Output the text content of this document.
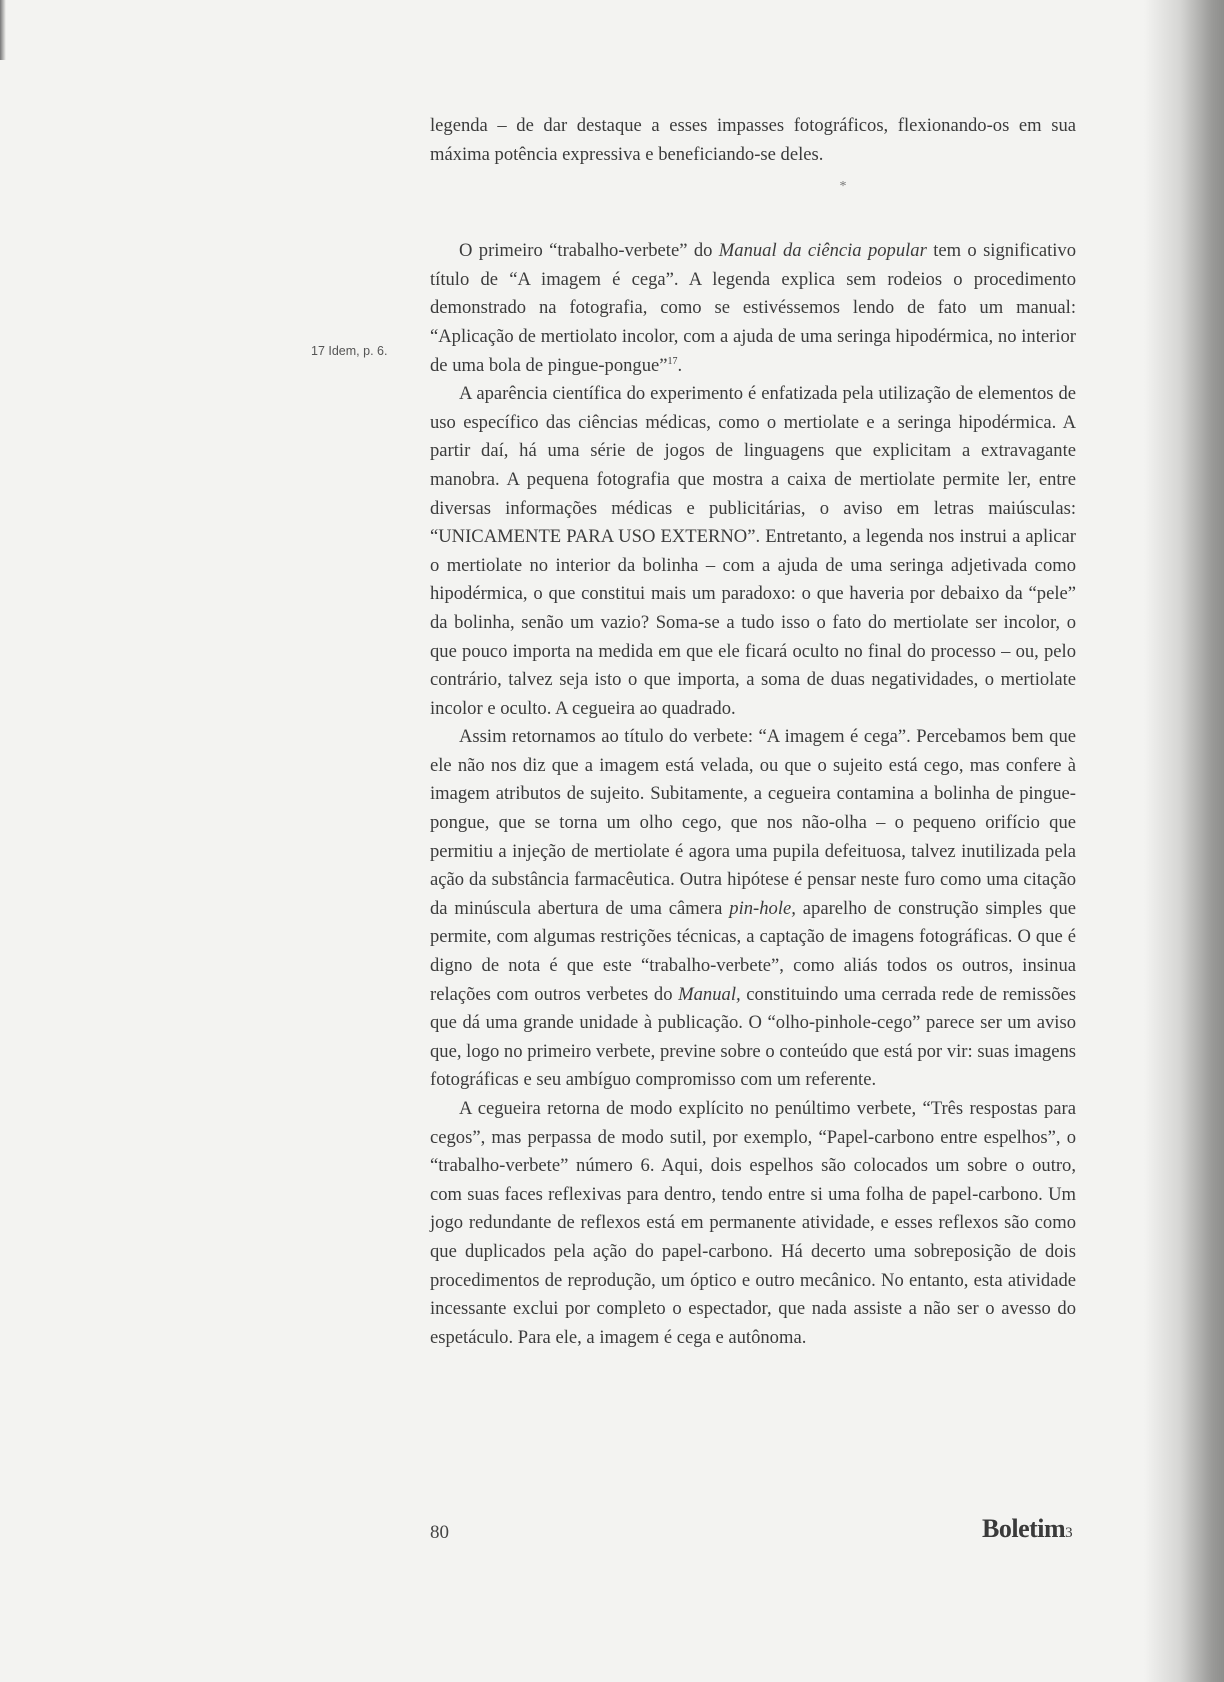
17 Idem, p. 6.

legenda – de dar destaque a esses impasses fotográficos, flexionando-os em sua máxima potência expressiva e beneficiando-se deles.

*

O primeiro “trabalho-verbete” do Manual da ciência popular tem o significativo título de “A imagem é cega”. A legenda explica sem rodeios o procedimento demonstrado na fotografia, como se estivéssemos lendo de fato um manual: “Aplicação de mertiolato incolor, com a ajuda de uma seringa hipodérmica, no interior de uma bola de pingue-pongue”$^{17}$.

A aparência científica do experimento é enfatizada pela utilização de elementos de uso específico das ciências médicas, como o mertiolate e a seringa hipodérmica. A partir daí, há uma série de jogos de linguagens que explicitam a extravagante manobra. A pequena fotografia que mostra a caixa de mertiolate permite ler, entre diversas informações médicas e publicitárias, o aviso em letras maiúsculas: “UNICAMENTE PARA USO EXTERNO”. Entretanto, a legenda nos instrui a aplicar o mertiolate no interior da bolinha – com a ajuda de uma seringa adjetivada como hipodérmica, o que constitui mais um paradoxo: o que haveria por debaixo da “pele” da bolinha, senão um vazio? Soma-se a tudo isso o fato do mertiolate ser incolor, o que pouco importa na medida em que ele ficará oculto no final do processo – ou, pelo contrário, talvez seja isto o que importa, a soma de duas negatividades, o mertiolate incolor e oculto. A cegueira ao quadrado.

Assim retornamos ao título do verbete: “A imagem é cega”. Percebamos bem que ele não nos diz que a imagem está velada, ou que o sujeito está cego, mas confere à imagem atributos de sujeito. Subitamente, a cegueira contamina a bolinha de pingue-pongue, que se torna um olho cego, que nos não-olha – o pequeno orifício que permitiu a injeção de mertiolate é agora uma pupila defeituosa, talvez inutilizada pela ação da substância farmacêutica. Outra hipótese é pensar neste furo como uma citação da minúscula abertura de uma câmera pin-hole, aparelho de construção simples que permite, com algumas restrições técnicas, a captação de imagens fotográficas. O que é digno de nota é que este “trabalho-verbete”, como aliás todos os outros, insinua relações com outros verbetes do Manual, constituindo uma cerrada rede de remissões que dá uma grande unidade à publicação. O “olho-pinhole-cego” parece ser um aviso que, logo no primeiro verbete, previne sobre o conteúdo que está por vir: suas imagens fotográficas e seu ambíguo compromisso com um referente.

A cegueira retorna de modo explícito no penúltimo verbete, “Três respostas para cegos”, mas perpassa de modo sutil, por exemplo, “Papel-carbono entre espelhos”, o “trabalho-verbete” número 6. Aqui, dois espelhos são colocados um sobre o outro, com suas faces reflexivas para dentro, tendo entre si uma folha de papel-carbono. Um jogo redundante de reflexos está em permanente atividade, e esses reflexos são como que duplicados pela ação do papel-carbono. Há decerto uma sobreposição de dois procedimentos de reprodução, um óptico e outro mecânico. No entanto, esta atividade incessante exclui por completo o espectador, que nada assiste a não ser o avesso do espetáculo. Para ele, a imagem é cega e autônoma.

80	Boletim3
